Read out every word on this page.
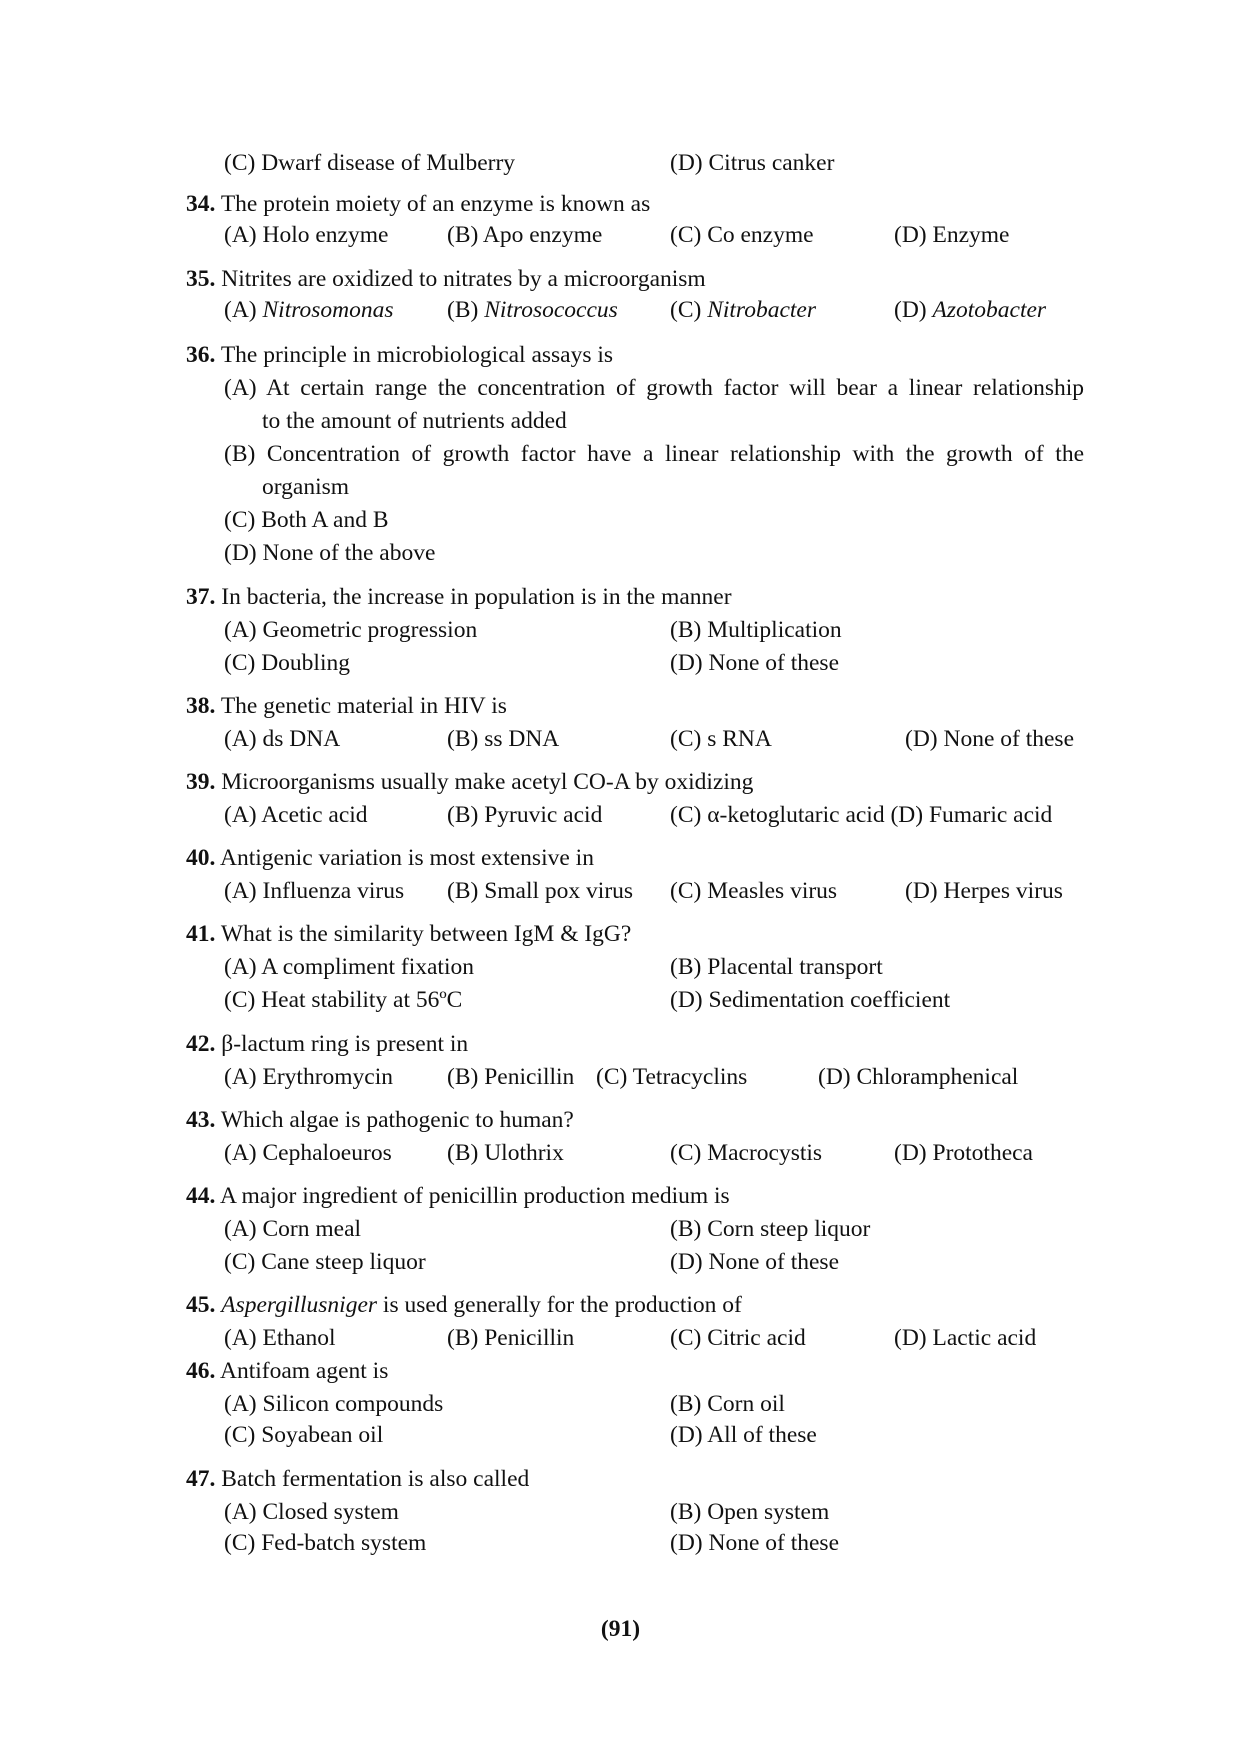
(C) Dwarf disease of Mulberry	(D) Citrus canker
34. The protein moiety of an enzyme is known as
(A) Holo enzyme (B) Apo enzyme	(C) Co enzyme	(D) Enzyme
35. Nitrites are oxidized to nitrates by a microorganism
(A) Nitrosomonas (B) Nitrosococcus (C) Nitrobacter	(D) Azotobacter
36. The principle in microbiological assays is
(A) At certain range the concentration of growth factor will bear a linear relationship
to the amount of nutrients added
(B) Concentration of growth factor have a linear relationship with the growth of the
organism
(C) Both A and B
(D) None of the above
37. In bacteria, the increase in population is in the manner
(A) Geometric progression	(B) Multiplication
(C) Doubling	(D) None of these
38. The genetic material in HIV is
(A) ds DNA	(B) ss DNA	(C) s RNA	(D) None of these
39. Microorganisms usually make acetyl CO-A by oxidizing
(A) Acetic acid	(B) Pyruvic acid	(C) α-ketoglutaric acid (D) Fumaric acid
40. Antigenic variation is most extensive in
(A) Influenza virus (B) Small pox virus (C) Measles virus	(D) Herpes virus
41. What is the similarity between IgM & IgG?
(A) A compliment fixation	(B) Placental transport
(C) Heat stability at 56ºC	(D) Sedimentation coefficient
42. β-lactum ring is present in
(A) Erythromycin (B) Penicillin (C) Tetracyclins	(D) Chloramphenical
43. Which algae is pathogenic to human?
(A) Cephaloeuros (B) Ulothrix	(C) Macrocystis	(D) Prototheca
44. A major ingredient of penicillin production medium is
(A) Corn meal	(B) Corn steep liquor
(C) Cane steep liquor	(D) None of these
45. Aspergillusniger is used generally for the production of
(A) Ethanol	(B) Penicillin	(C) Citric acid	(D) Lactic acid
46. Antifoam agent is
(A) Silicon compounds	(B) Corn oil
(C) Soyabean oil	(D) All of these
47. Batch fermentation is also called
(A) Closed system	(B) Open system
(C) Fed-batch system	(D) None of these
(91)
